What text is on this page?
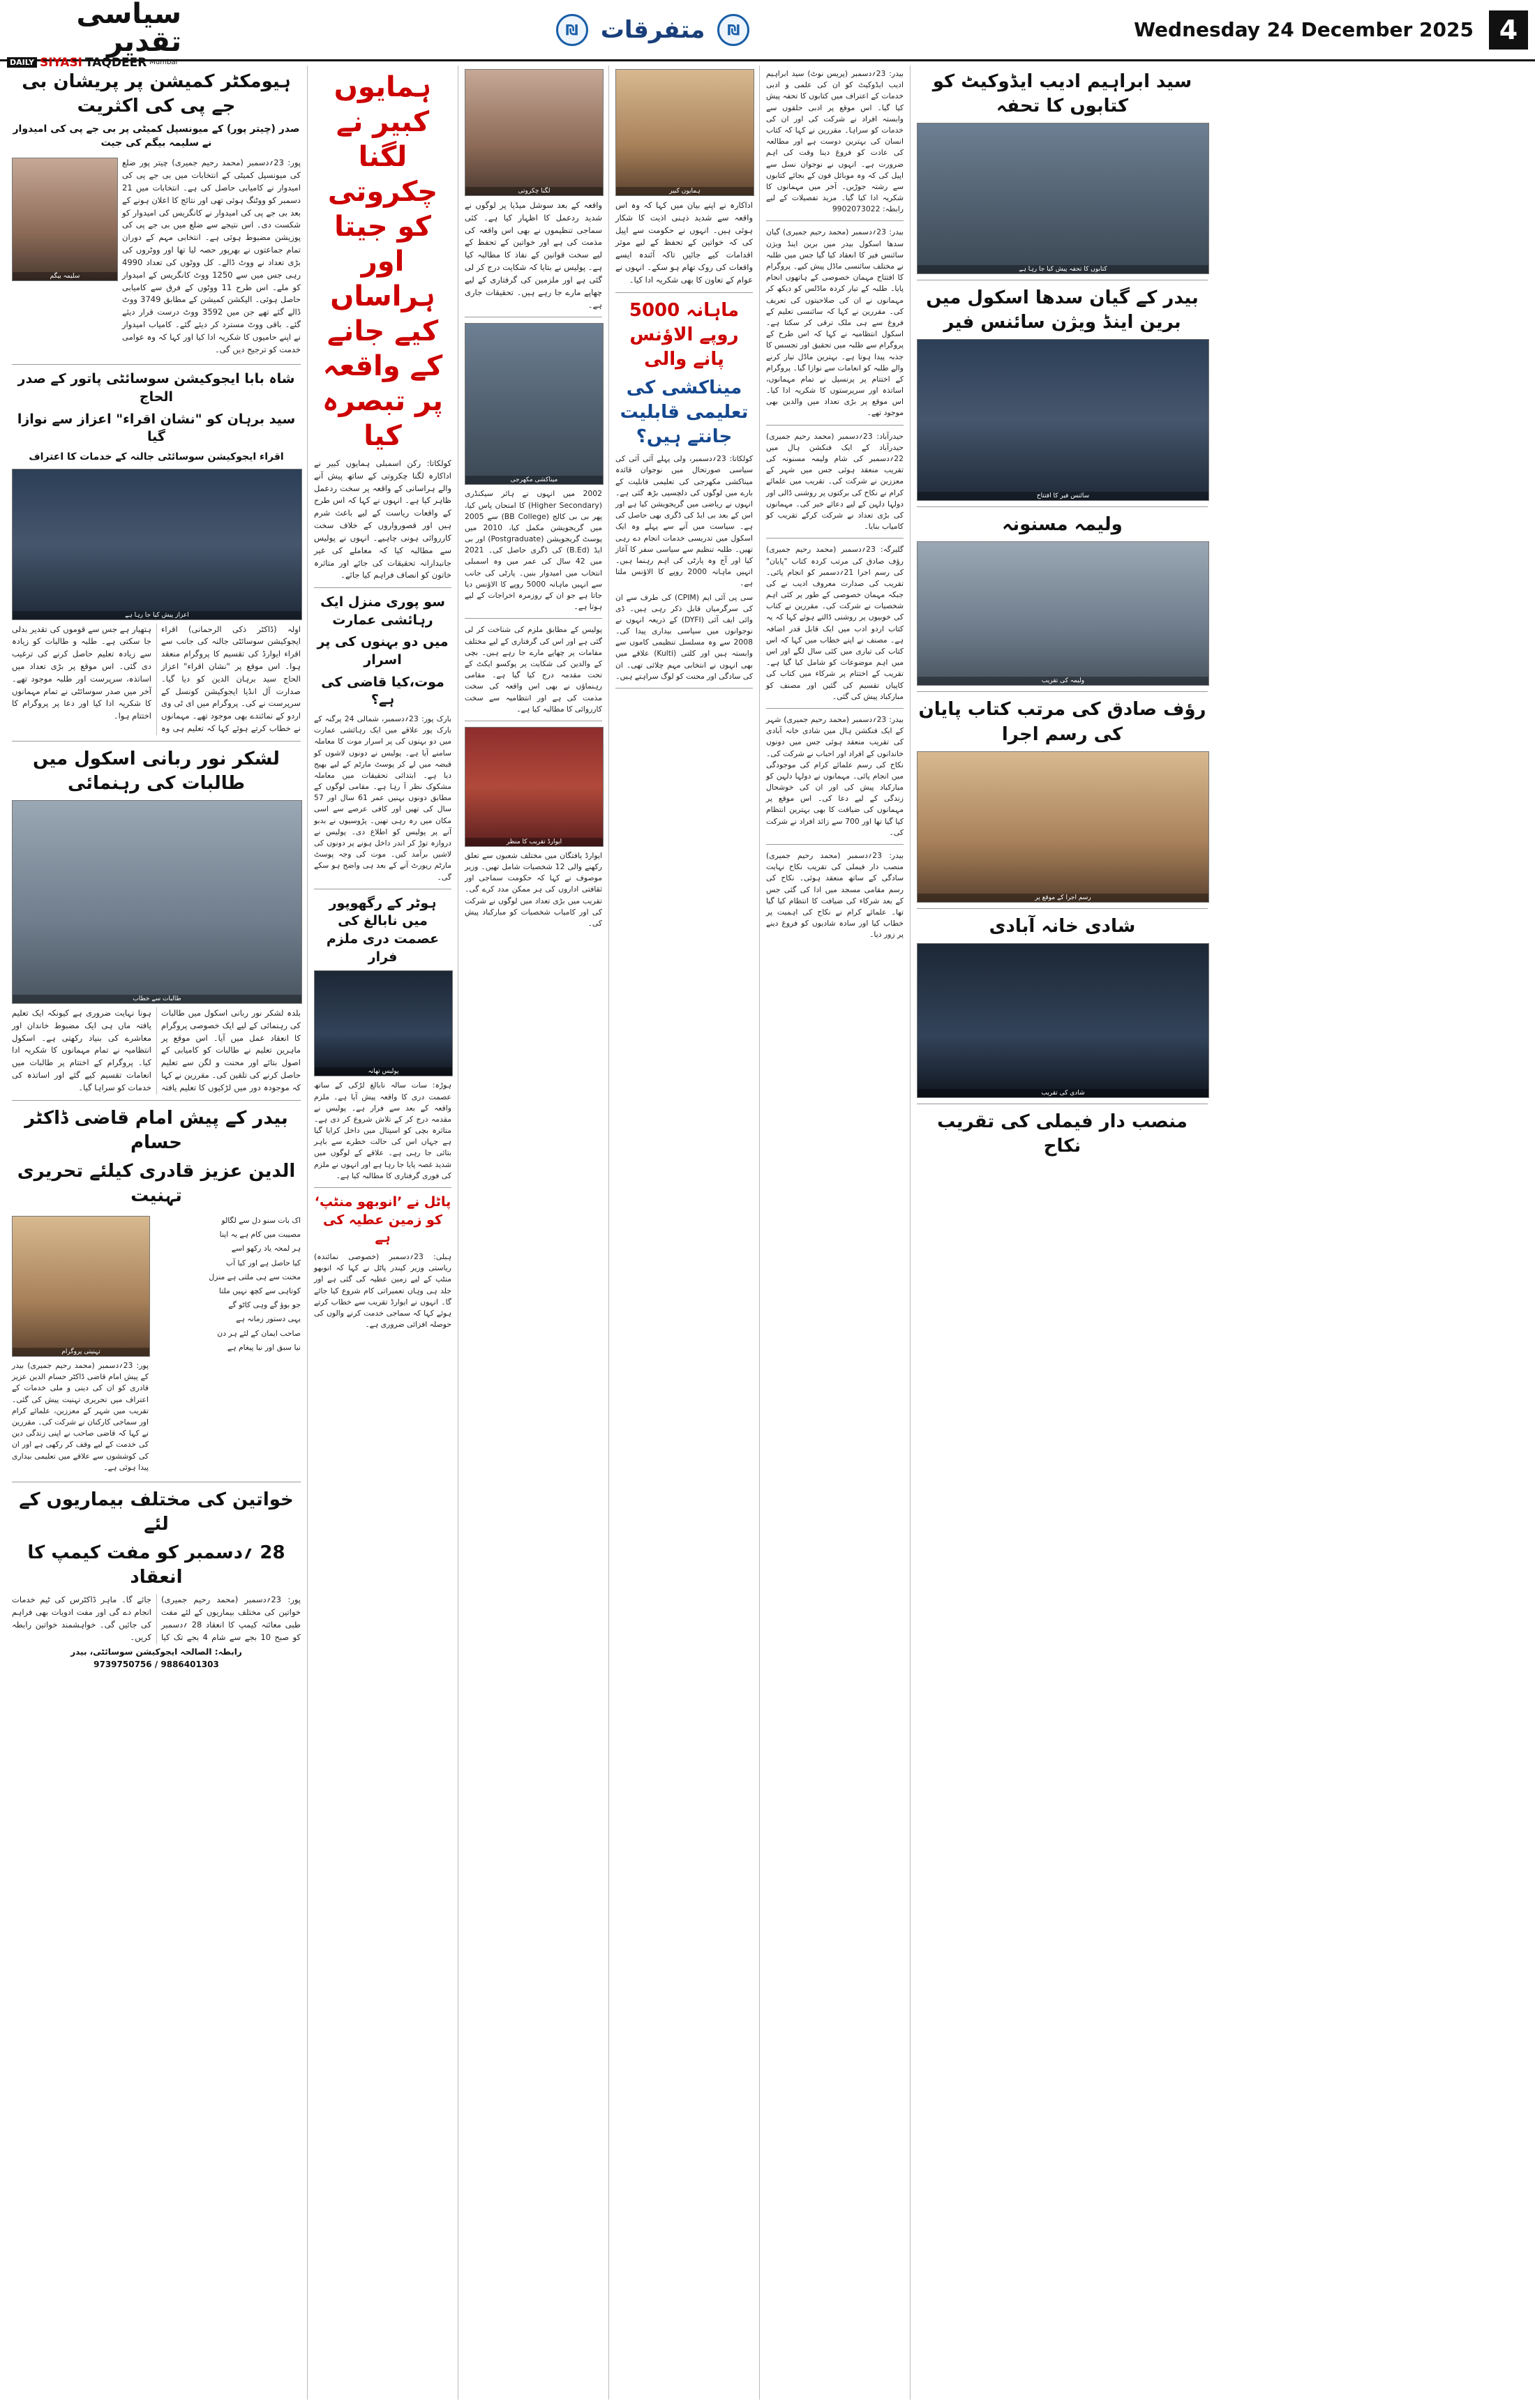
سیاسی تقدیر
DAILY SIYASI TAQDEER Mumbai
₪ متفرقات	₪	Wednesday 24 December 2025 4
ہیومکٹر کمیشن پر پریشان بی جے پی کی اکثریت
صدر (چیتر پور) کے میونسپل کمیٹی پر بی جے پی کی امیدوار نے سلیمہ بیگم کی جیت
سلیمہ بیگم
پور: 23؍دسمبر (محمد رحیم جمیری) چیتر پور ضلع کی میونسپل کمیٹی کے انتخابات میں بی جے پی کی امیدوار نے کامیابی حاصل کی ہے۔ انتخابات میں 21 دسمبر کو ووٹنگ ہوئی تھی اور نتائج کا اعلان ہونے کے بعد بی جے پی کی امیدوار نے کانگریس کی امیدوار کو شکست دی۔ اس نتیجے سے ضلع میں بی جے پی کی پوزیشن مضبوط ہوئی ہے۔ انتخابی مہم کے دوران تمام جماعتوں نے بھرپور حصہ لیا تھا اور ووٹروں کی بڑی تعداد نے ووٹ ڈالے۔ کل ووٹوں کی تعداد 4990 رہی جس میں سے 1250 ووٹ کانگریس کے امیدوار کو ملے۔ اس طرح 11 ووٹوں کے فرق سے کامیابی حاصل ہوئی۔ الیکشن کمیشن کے مطابق 3749 ووٹ ڈالے گئے تھے جن میں 3592 ووٹ درست قرار دیئے گئے۔ باقی ووٹ مسترد کر دیئے گئے۔ کامیاب امیدوار نے اپنے حامیوں کا شکریہ ادا کیا اور کہا کہ وہ عوامی خدمت کو ترجیح دیں گی۔
شاہ بابا ایجوکیشن سوسائٹی پاتور کے صدر الحاج
سید برہان کو "نشان اقراء" اعزاز سے نوازا گیا
اقراء ایجوکیشن سوسائٹی جالنہ کے خدمات کا اعتراف
اعزاز پیش کیا جا رہا ہے
اولہ (ڈاکٹر ذکی الرحمانی) اقراء ایجوکیشن سوسائٹی جالنہ کی جانب سے اقراء ایوارڈ کی تقسیم کا پروگرام منعقد ہوا۔ اس موقع پر "نشان اقراء" اعزاز الحاج سید برہان الدین کو دیا گیا۔ صدارت آل انڈیا ایجوکیشن کونسل کے سرپرست نے کی۔ پروگرام میں ای ٹی وی اردو کے نمائندے بھی موجود تھے۔ مہمانوں نے خطاب کرتے ہوئے کہا کہ تعلیم ہی وہ ہتھیار ہے جس سے قوموں کی تقدیر بدلی جا سکتی ہے۔ طلبہ و طالبات کو زیادہ سے زیادہ تعلیم حاصل کرنے کی ترغیب دی گئی۔ اس موقع پر بڑی تعداد میں اساتذہ، سرپرست اور طلبہ موجود تھے۔ آخر میں صدر سوسائٹی نے تمام مہمانوں کا شکریہ ادا کیا اور دعا پر پروگرام کا اختتام ہوا۔
لشکر نور ربانی اسکول میں طالبات کی رہنمائی
طالبات سے خطاب
بلدہ لشکر نور ربانی اسکول میں طالبات کی رہنمائی کے لیے ایک خصوصی پروگرام کا انعقاد عمل میں آیا۔ اس موقع پر ماہرین تعلیم نے طالبات کو کامیابی کے اصول بتائے اور محنت و لگن سے تعلیم حاصل کرنے کی تلقین کی۔ مقررین نے کہا کہ موجودہ دور میں لڑکیوں کا تعلیم یافتہ ہونا نہایت ضروری ہے کیونکہ ایک تعلیم یافتہ ماں ہی ایک مضبوط خاندان اور معاشرے کی بنیاد رکھتی ہے۔ اسکول انتظامیہ نے تمام مہمانوں کا شکریہ ادا کیا۔ پروگرام کے اختتام پر طالبات میں انعامات تقسیم کیے گئے اور اساتذہ کی خدمات کو سراہا گیا۔
بیدر کے پیش امام قاضی ڈاکٹر حسام
الدین عزیز قادری کیلئے تحریری تہنیت
تہنیتی پروگرام
پور: 23؍دسمبر (محمد رحیم جمیری) بیدر کے پیش امام قاضی ڈاکٹر حسام الدین عزیز قادری کو ان کی دینی و ملی خدمات کے اعتراف میں تحریری تہنیت پیش کی گئی۔ تقریب میں شہر کے معززین، علمائے کرام اور سماجی کارکنان نے شرکت کی۔ مقررین نے کہا کہ قاضی صاحب نے اپنی زندگی دین کی خدمت کے لیے وقف کر رکھی ہے اور ان کی کوششوں سے علاقے میں تعلیمی بیداری پیدا ہوئی ہے۔
اک بات سنو دل سے لگالو
مصیبت میں کام ہے یہ اپنا
ہر لمحہ یاد رکھو اسے
کیا حاصل ہے اور کیا آب
محنت سے ہی ملتی ہے منزل
کوتاہی سے کچھ نہیں ملتا
جو بوؤ گے وہی کاٹو گے
یہی دستور زمانہ ہے
صاحب ایمان کے لئے ہر دن
نیا سبق اور نیا پیغام ہے
خواتین کی مختلف بیماریوں کے لئے
28 ؍دسمبر کو مفت کیمپ کا انعقاد
پور: 23؍دسمبر (محمد رحیم جمیری) خواتین کی مختلف بیماریوں کے لئے مفت طبی معائنہ کیمپ کا انعقاد 28 ؍دسمبر کو صبح 10 بجے سے شام 4 بجے تک کیا جائے گا۔ ماہر ڈاکٹرس کی ٹیم خدمات انجام دے گی اور مفت ادویات بھی فراہم کی جائیں گی۔ خواہشمند خواتین رابطہ کریں۔
رابطہ: الصالحہ ایجوکیشن سوسائٹی، بیدر
9886401303 / 9739750756
ہمایوں کبیر نے لگنا چکروتی کو جیتا اور ہراساں کیے جانے کے واقعہ پر تبصرہ کیا
کولکاتا: رکن اسمبلی ہمایوں کبیر نے اداکارہ لگنا چکروتی کے ساتھ پیش آنے والے ہراسانی کے واقعہ پر سخت ردعمل ظاہر کیا ہے۔ انہوں نے کہا کہ اس طرح کے واقعات ریاست کے لیے باعث شرم ہیں اور قصورواروں کے خلاف سخت کارروائی ہونی چاہیے۔ انہوں نے پولیس سے مطالبہ کیا کہ معاملے کی غیر جانبدارانہ تحقیقات کی جائے اور متاثرہ خاتون کو انصاف فراہم کیا جائے۔
سو پوری منزل ایک رہائشی عمارت
میں دو بہنوں کی پر اسرار
موت،کیا قاضی کی ہے؟
بارک پور: 23؍دسمبر، شمالی 24 پرگنہ کے بارک پور علاقے میں ایک رہائشی عمارت میں دو بہنوں کی پر اسرار موت کا معاملہ سامنے آیا ہے۔ پولیس نے دونوں لاشوں کو قبضہ میں لے کر پوسٹ مارٹم کے لیے بھیج دیا ہے۔ ابتدائی تحقیقات میں معاملہ مشکوک نظر آ رہا ہے۔ مقامی لوگوں کے مطابق دونوں بہنیں عمر 61 سال اور 57 سال کی تھیں اور کافی عرصے سے اسی مکان میں رہ رہی تھیں۔ پڑوسیوں نے بدبو آنے پر پولیس کو اطلاع دی۔ پولیس نے دروازہ توڑ کر اندر داخل ہونے پر دونوں کی لاشیں برآمد کیں۔ موت کی وجہ پوسٹ مارٹم رپورٹ آنے کے بعد ہی واضح ہو سکے گی۔
ہوٹر کے رگھوپور میں نابالغ کی عصمت دری ملزم فرار
پولیس تھانہ
ہوڑہ: سات سالہ نابالغ لڑکی کے ساتھ عصمت دری کا واقعہ پیش آیا ہے۔ ملزم واقعہ کے بعد سے فرار ہے۔ پولیس نے مقدمہ درج کر کے تلاش شروع کر دی ہے۔ متاثرہ بچی کو اسپتال میں داخل کرایا گیا ہے جہاں اس کی حالت خطرے سے باہر بتائی جا رہی ہے۔ علاقے کے لوگوں میں شدید غصہ پایا جا رہا ہے اور انہوں نے ملزم کی فوری گرفتاری کا مطالبہ کیا ہے۔
پاٹل نے ’انوبھو منٹپ‘ کو زمین عطیہ کی ہے
ہبلی: 23؍دسمبر (خصوصی نمائندہ) ریاستی وزیر کپندر پاٹل نے کہا کہ انوبھو منٹپ کے لیے زمین عطیہ کی گئی ہے اور جلد ہی وہاں تعمیراتی کام شروع کیا جائے گا۔ انہوں نے ایوارڈ تقریب سے خطاب کرتے ہوئے کہا کہ سماجی خدمت کرنے والوں کی حوصلہ افزائی ضروری ہے۔
لگنا چکروتی
واقعہ کے بعد سوشل میڈیا پر لوگوں نے شدید ردعمل کا اظہار کیا ہے۔ کئی سماجی تنظیموں نے بھی اس واقعہ کی مذمت کی ہے اور خواتین کے تحفظ کے لیے سخت قوانین کے نفاذ کا مطالبہ کیا ہے۔ پولیس نے بتایا کہ شکایت درج کر لی گئی ہے اور ملزمین کی گرفتاری کے لیے چھاپے مارے جا رہے ہیں۔ تحقیقات جاری ہے۔
میناکشی مکھرجی
2002 میں انہوں نے ہائر سیکنڈری (Higher Secondary) کا امتحان پاس کیا، پھر بی بی کالج (BB College) سے 2005 میں گریجویشن مکمل کیا، 2010 میں پوسٹ گریجویشن (Postgraduate) اور بی ایڈ (B.Ed) کی ڈگری حاصل کی۔ 2021 میں 42 سال کی عمر میں وہ اسمبلی انتخاب میں امیدوار بنیں۔ پارٹی کی جانب سے انہیں ماہانہ 5000 روپے کا الاؤنس دیا جاتا ہے جو ان کے روزمرہ اخراجات کے لیے ہوتا ہے۔
پولیس کے مطابق ملزم کی شناخت کر لی گئی ہے اور اس کی گرفتاری کے لیے مختلف مقامات پر چھاپے مارے جا رہے ہیں۔ بچی کے والدین کی شکایت پر پوکسو ایکٹ کے تحت مقدمہ درج کیا گیا ہے۔ مقامی رہنماؤں نے بھی اس واقعہ کی سخت مذمت کی ہے اور انتظامیہ سے سخت کارروائی کا مطالبہ کیا ہے۔
ایوارڈ تقریب کا منظر
ایوارڈ یافتگان میں مختلف شعبوں سے تعلق رکھنے والی 12 شخصیات شامل تھیں۔ وزیر موصوف نے کہا کہ حکومت سماجی اور ثقافتی اداروں کی ہر ممکن مدد کرے گی۔ تقریب میں بڑی تعداد میں لوگوں نے شرکت کی اور کامیاب شخصیات کو مبارکباد پیش کی۔
ہمایوں کبیر
اداکارہ نے اپنے بیان میں کہا کہ وہ اس واقعہ سے شدید ذہنی اذیت کا شکار ہوئی ہیں۔ انہوں نے حکومت سے اپیل کی کہ خواتین کے تحفظ کے لیے موثر اقدامات کیے جائیں تاکہ آئندہ ایسے واقعات کی روک تھام ہو سکے۔ انہوں نے عوام کے تعاون کا بھی شکریہ ادا کیا۔
ماہانہ 5000 روپے الاؤنس پانے والی
میناکشی کی تعلیمی قابلیت جانتے ہیں؟
کولکاتا: 23؍دسمبر، ولی پہلے آئی آئی کی سیاسی صورتحال میں نوجوان قائدہ میناکشی مکھرجی کی تعلیمی قابلیت کے بارے میں لوگوں کی دلچسپی بڑھ گئی ہے۔ انہوں نے ریاضی میں گریجویشن کیا ہے اور اس کے بعد بی ایڈ کی ڈگری بھی حاصل کی ہے۔ سیاست میں آنے سے پہلے وہ ایک اسکول میں تدریسی خدمات انجام دے رہی تھیں۔ طلبہ تنظیم سے سیاسی سفر کا آغاز کیا اور آج وہ پارٹی کی اہم رہنما ہیں۔ انہیں ماہانہ 2000 روپے کا الاؤنس ملتا ہے۔
سی پی آئی ایم (CPIM) کی طرف سے ان کی سرگرمیاں قابل ذکر رہی ہیں۔ ڈی وائی ایف آئی (DYFI) کے ذریعہ انہوں نے نوجوانوں میں سیاسی بیداری پیدا کی۔ 2008 سے وہ مسلسل تنظیمی کاموں سے وابستہ ہیں اور کلتی (Kulti) علاقے میں بھی انہوں نے انتخابی مہم چلائی تھی۔ ان کی سادگی اور محنت کو لوگ سراہتے ہیں۔
بیدر: 23؍دسمبر (پریس نوٹ) سید ابراہیم ادیب ایڈوکیٹ کو ان کی علمی و ادبی خدمات کے اعتراف میں کتابوں کا تحفہ پیش کیا گیا۔ اس موقع پر ادبی حلقوں سے وابستہ افراد نے شرکت کی اور ان کی خدمات کو سراہا۔ مقررین نے کہا کہ کتاب انسان کی بہترین دوست ہے اور مطالعہ کی عادت کو فروغ دینا وقت کی اہم ضرورت ہے۔ انہوں نے نوجوان نسل سے اپیل کی کہ وہ موبائل فون کے بجائے کتابوں سے رشتہ جوڑیں۔ آخر میں مہمانوں کا شکریہ ادا کیا گیا۔ مزید تفصیلات کے لیے رابطہ: 9902073022
بیدر: 23؍دسمبر (محمد رحیم جمیری) گیان سدھا اسکول بیدر میں برین اینڈ ویژن سائنس فیر کا انعقاد کیا گیا جس میں طلبہ نے مختلف سائنسی ماڈل پیش کیے۔ پروگرام کا افتتاح مہمان خصوصی کے ہاتھوں انجام پایا۔ طلبہ کے تیار کردہ ماڈلس کو دیکھ کر مہمانوں نے ان کی صلاحیتوں کی تعریف کی۔ مقررین نے کہا کہ سائنسی تعلیم کے فروغ سے ہی ملک ترقی کر سکتا ہے۔ اسکول انتظامیہ نے کہا کہ اس طرح کے پروگرام سے طلبہ میں تحقیق اور تجسس کا جذبہ پیدا ہوتا ہے۔ بہترین ماڈل تیار کرنے والے طلبہ کو انعامات سے نوازا گیا۔ پروگرام کے اختتام پر پرنسپل نے تمام مہمانوں، اساتذہ اور سرپرستوں کا شکریہ ادا کیا۔ اس موقع پر بڑی تعداد میں والدین بھی موجود تھے۔
حیدرآباد: 23؍دسمبر (محمد رحیم جمیری) حیدرآباد کے ایک فنکشن ہال میں 22؍دسمبر کی شام ولیمہ مسنونہ کی تقریب منعقد ہوئی جس میں شہر کے معززین نے شرکت کی۔ تقریب میں علمائے کرام نے نکاح کی برکتوں پر روشنی ڈالی اور دولہا دلہن کے لیے دعائے خیر کی۔ مہمانوں کی بڑی تعداد نے شرکت کرکے تقریب کو کامیاب بنایا۔
گلبرگہ: 23؍دسمبر (محمد رحیم جمیری) رؤف صادق کی مرتب کردہ کتاب "پایان" کی رسم اجرا 21؍دسمبر کو انجام پائی۔ تقریب کی صدارت معروف ادیب نے کی جبکہ مہمان خصوصی کے طور پر کئی اہم شخصیات نے شرکت کی۔ مقررین نے کتاب کی خوبیوں پر روشنی ڈالتے ہوئے کہا کہ یہ کتاب اردو ادب میں ایک قابل قدر اضافہ ہے۔ مصنف نے اپنے خطاب میں کہا کہ اس کتاب کی تیاری میں کئی سال لگے اور اس میں اہم موضوعات کو شامل کیا گیا ہے۔ تقریب کے اختتام پر شرکاء میں کتاب کی کاپیاں تقسیم کی گئیں اور مصنف کو مبارکباد پیش کی گئی۔
بیدر: 23؍دسمبر (محمد رحیم جمیری) شہر کے ایک فنکشن ہال میں شادی خانہ آبادی کی تقریب منعقد ہوئی جس میں دونوں خاندانوں کے افراد اور احباب نے شرکت کی۔ نکاح کی رسم علمائے کرام کی موجودگی میں انجام پائی۔ مہمانوں نے دولہا دلہن کو مبارکباد پیش کی اور ان کی خوشحال زندگی کے لیے دعا کی۔ اس موقع پر مہمانوں کی ضیافت کا بھی بہترین انتظام کیا گیا تھا اور 700 سے زائد افراد نے شرکت کی۔
بیدر: 23؍دسمبر (محمد رحیم جمیری) منصب دار فیملی کی تقریب نکاح نہایت سادگی کے ساتھ منعقد ہوئی۔ نکاح کی رسم مقامی مسجد میں ادا کی گئی جس کے بعد شرکاء کی ضیافت کا انتظام کیا گیا تھا۔ علمائے کرام نے نکاح کی اہمیت پر خطاب کیا اور سادہ شادیوں کو فروغ دینے پر زور دیا۔
سید ابراہیم ادیب ایڈوکیٹ کو کتابوں کا تحفہ
کتابوں کا تحفہ پیش کیا جا رہا ہے
بیدر کے گیان سدھا اسکول میں برین اینڈ ویژن سائنس فیر
سائنس فیر کا افتتاح
ولیمہ مسنونہ
ولیمہ کی تقریب
رؤف صادق کی مرتب کتاب پایان کی رسم اجرا
رسم اجرا کے موقع پر
شادی خانہ آبادی
شادی کی تقریب
منصب دار فیملی کی تقریب نکاح
